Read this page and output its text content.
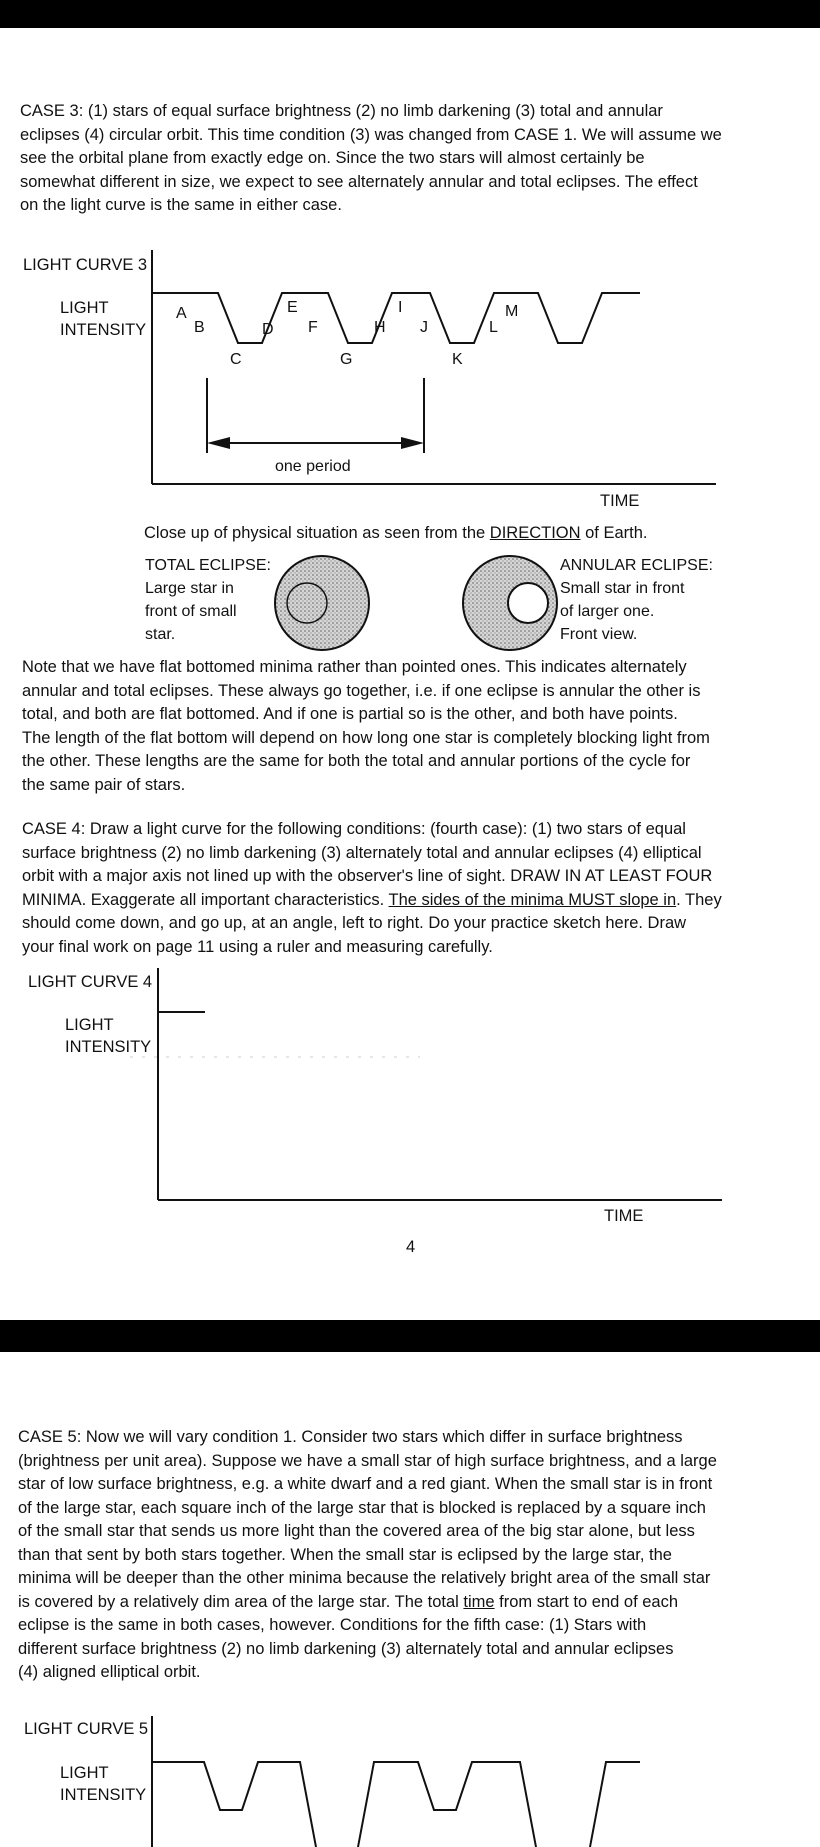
CASE 3: (1) stars of equal surface brightness (2) no limb darkening (3) total and annular
eclipses (4) circular orbit. This time condition (3) was changed from CASE 1. We will assume we
see the orbital plane from exactly edge on. Since the two stars will almost certainly be
somewhat different in size, we expect to see alternately annular and total eclipses. The effect
on the light curve is the same in either case.
LIGHT CURVE 3
LIGHT
INTENSITY
A
B
C
D
E
F
G
H
I
J
K
L
M
one period
TIME
Close up of physical situation as seen from the DIRECTION of Earth.
TOTAL ECLIPSE:
Large star in
front of small
star.
ANNULAR ECLIPSE:
Small star in front
of larger one.
Front view.
Note that we have flat bottomed minima rather than pointed ones. This indicates alternately
annular and total eclipses. These always go together, i.e. if one eclipse is annular the other is
total, and both are flat bottomed. And if one is partial so is the other, and both have points.
The length of the flat bottom will depend on how long one star is completely blocking light from
the other. These lengths are the same for both the total and annular portions of the cycle for
the same pair of stars.
CASE 4: Draw a light curve for the following conditions: (fourth case): (1) two stars of equal
surface brightness (2) no limb darkening (3) alternately total and annular eclipses (4) elliptical
orbit with a major axis not lined up with the observer's line of sight. DRAW IN AT LEAST FOUR
MINIMA. Exaggerate all important characteristics. The sides of the minima MUST slope in. They
should come down, and go up, at an angle, left to right. Do your practice sketch here. Draw
your final work on page 11 using a ruler and measuring carefully.
LIGHT CURVE 4
LIGHT
INTENSITY
TIME
4
CASE 5: Now we will vary condition 1. Consider two stars which differ in surface brightness
(brightness per unit area). Suppose we have a small star of high surface brightness, and a large
star of low surface brightness, e.g. a white dwarf and a red giant. When the small star is in front
of the large star, each square inch of the large star that is blocked is replaced by a square inch
of the small star that sends us more light than the covered area of the big star alone, but less
than that sent by both stars together. When the small star is eclipsed by the large star, the
minima will be deeper than the other minima because the relatively bright area of the small star
is covered by a relatively dim area of the large star. The total time from start to end of each
eclipse is the same in both cases, however. Conditions for the fifth case: (1) Stars with
different surface brightness (2) no limb darkening (3) alternately total and annular eclipses
(4) aligned elliptical orbit.
LIGHT CURVE 5
LIGHT
INTENSITY
